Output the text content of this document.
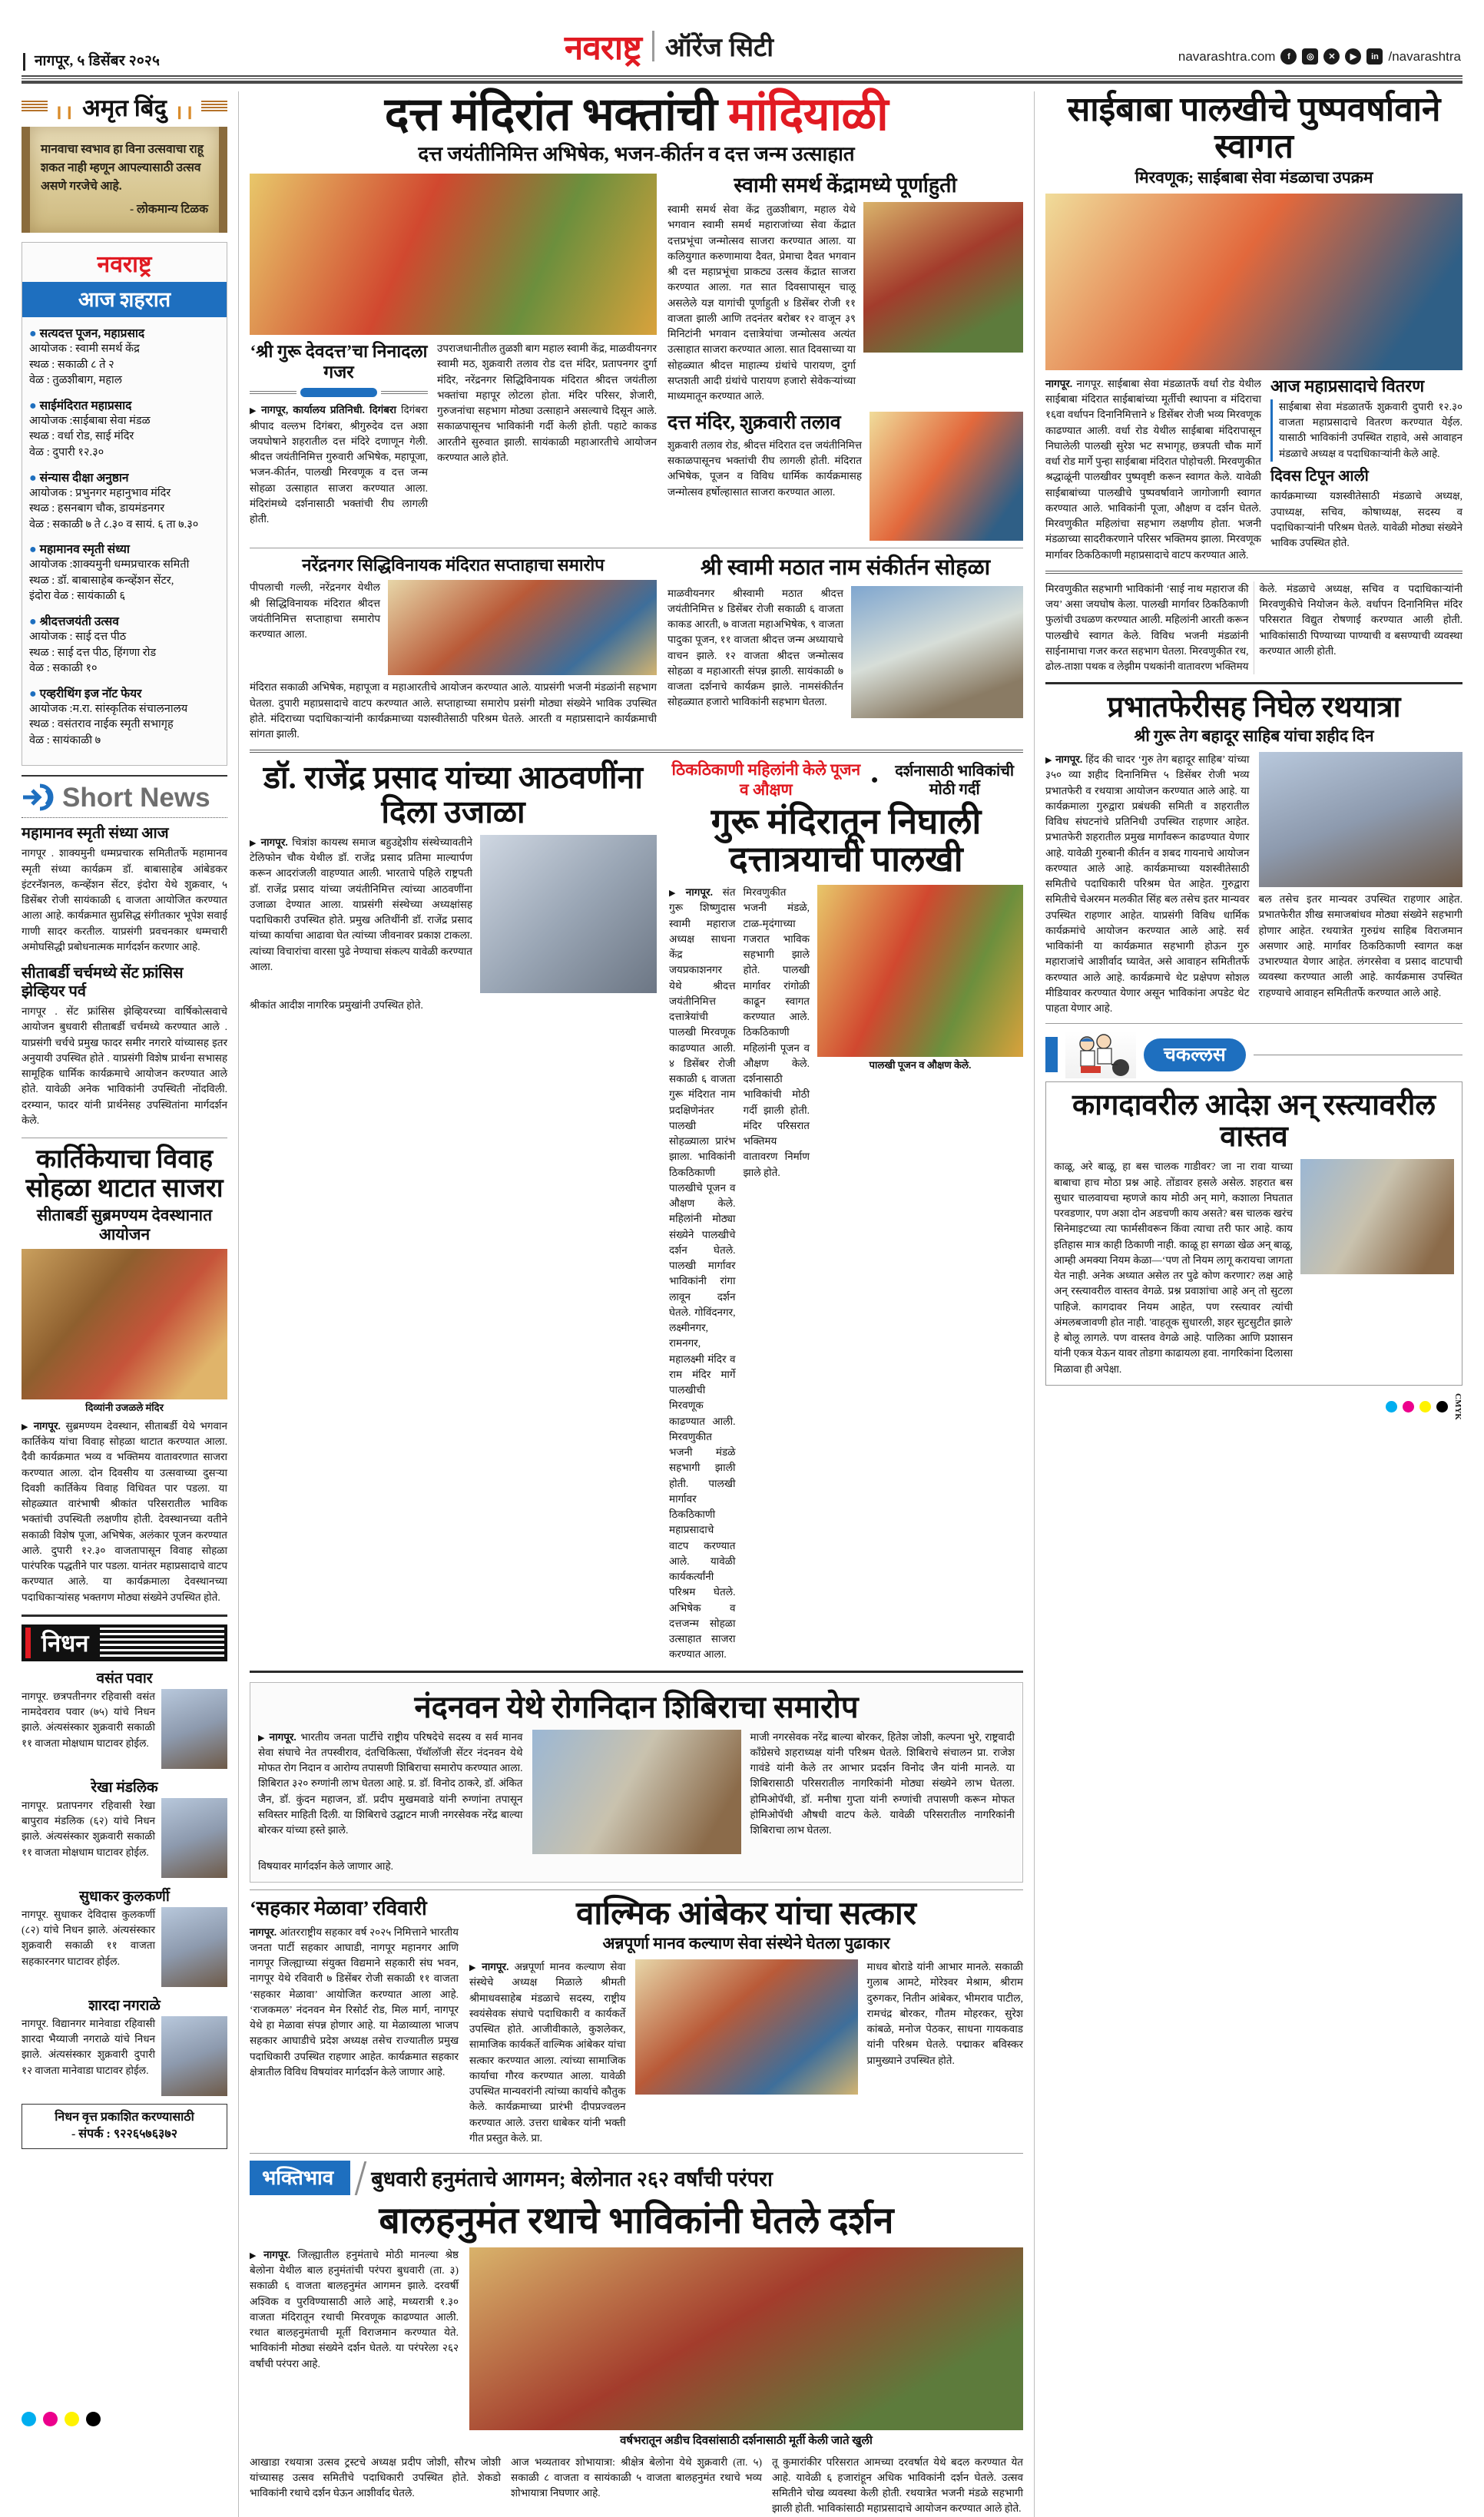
नागपूर, ५ डिसेंबर २०२५	नवराष्ट्र ऑरेंज सिटी	navarashtra.com	f	◎	✕	▶	in /navarashtra
❙❙ अमृत बिंदु ❙❙
मानवाचा स्वभाव हा विना उत्सवाचा राहू शकत नाही म्हणून आपल्यासाठी उत्सव असणे गरजेचे आहे.
- लोकमान्य टिळक
नवराष्ट्र
आज शहरात
● सत्यदत्त पूजन, महाप्रसाद
आयोजक : स्वामी समर्थ केंद्र
स्थळ : सकाळी ८ ते २
वेळ : तुळशीबाग, महाल
● साईमंदिरात महाप्रसाद
आयोजक :साईबाबा सेवा मंडळ
स्थळ : वर्धा रोड, साई मंदिर
वेळ : दुपारी १२.३०
● संन्यास दीक्षा अनुष्ठान
आयोजक : प्रभुनगर महानुभाव मंदिर
स्थळ : हसनबाग चौक, डायमंडनगर
वेळ : सकाळी ७ ते ८.३० व सायं. ६ ता ७.३०
● महामानव स्मृती संध्या
आयोजक :शाक्यमुनी धम्मप्रचारक समिती
स्थळ : डॉ. बाबासाहेब कन्व्हेंशन सेंटर,
इंदोरा वेळ : सायंकाळी ६
● श्रीदत्तजयंती उत्सव
आयोजक : साई दत्त पीठ
स्थळ : साई दत्त पीठ, हिंगणा रोड
वेळ : सकाळी १०
● एव्हरीथिंग इज नॉट फेयर
आयोजक :म.रा. सांस्कृतिक संचालनालय
स्थळ : वसंतराव नाईक स्मृती सभागृह
वेळ : सायंकाळी ७
Short News
महामानव स्मृती संध्या आज
नागपूर . शाक्यमुनी धम्मप्रचारक समितीतर्फे महामानव स्मृती संध्या कार्यक्रम डॉ. बाबासाहेब आंबेडकर इंटरनॅशनल, कन्व्हेंशन सेंटर, इंदोरा येथे शुक्रवार, ५ डिसेंबर रोजी सायंकाळी ६ वाजता आयोजित करण्यात आला आहे. कार्यक्रमात सुप्रसिद्ध संगीतकार भूपेश सवाई गाणी सादर करतील. याप्रसंगी प्रवचनकार धम्मचारी अमोघसिद्धी प्रबोधनात्मक मार्गदर्शन करणार आहे.
सीताबर्डी चर्चमध्ये सेंट फ्रांसिस झेव्हियर पर्व
नागपूर . सेंट फ्रांसिस झेव्हियरच्या वार्षिकोत्सवाचे आयोजन बुधवारी सीताबर्डी चर्चमध्ये करण्यात आले . याप्रसंगी चर्चचे प्रमुख फादर समीर नगरारे यांच्यासह इतर अनुयायी उपस्थित होते . याप्रसंगी विशेष प्रार्थना सभासह सामूहिक धार्मिक कार्यक्रमाचे आयोजन करण्यात आले होते. यावेळी अनेक भाविकांनी उपस्थिती नोंदविली. दरम्यान, फादर यांनी प्रार्थनेसह उपस्थितांना मार्गदर्शन केले.
कार्तिकेयाचा विवाह सोहळा थाटात साजरा
सीताबर्डी सुब्रमण्यम देवस्थानात आयोजन
दिव्यांनी उजळले मंदिर
▶ नागपूर. सुब्रमण्यम देवस्थान, सीताबर्डी येथे भगवान कार्तिकेय यांचा विवाह सोहळा थाटात करण्यात आला. दैवी कार्यक्रमात भव्य व भक्तिमय वातावरणात साजरा करण्यात आला. दोन दिवसीय या उत्सवाच्या दुसऱ्या दिवशी कार्तिकेय विवाह विधिवत पार पडला. या सोहळ्यात वारंभाषी श्रीकांत परिसरातील भाविक भक्तांची उपस्थिती लक्षणीय होती. देवस्थानच्या वतीने सकाळी विशेष पूजा, अभिषेक, अलंकार पूजन करण्यात आले. दुपारी १२.३० वाजतापासून विवाह सोहळा पारंपरिक पद्धतीने पार पडला. यानंतर महाप्रसादाचे वाटप करण्यात आले. या कार्यक्रमाला देवस्थानच्या पदाधिकाऱ्यांसह भक्तगण मोठ्या संख्येने उपस्थित होते.
निधन
वसंत पवार
नागपूर. छत्रपतीनगर रहिवासी वसंत नामदेवराव पवार (७५) यांचे निधन झाले. अंत्यसंस्कार शुक्रवारी सकाळी ११ वाजता मोक्षधाम घाटावर होईल.
रेखा मंडलिक
नागपूर. प्रतापनगर रहिवासी रेखा बापुराव मंडलिक (६२) यांचे निधन झाले. अंत्यसंस्कार शुक्रवारी सकाळी ११ वाजता मोक्षधाम घाटावर होईल.
सुधाकर कुलकर्णी
नागपूर. सुधाकर देविदास कुलकर्णी (८२) यांचे निधन झाले. अंत्यसंस्कार शुक्रवारी सकाळी ११ वाजता सहकारनगर घाटावर होईल.
शारदा नगराळे
नागपूर. विद्यानगर मानेवाडा रहिवासी शारदा भैय्याजी नगराळे यांचे निधन झाले. अंत्यसंस्कार शुक्रवारी दुपारी १२ वाजता मानेवाडा घाटावर होईल.
निधन वृत्त प्रकाशित करण्यासाठी
- संपर्क : ९२२६५७६३७२
दत्त मंदिरांत भक्तांची मांदियाळी
दत्त जयंतीनिमित्त अभिषेक, भजन-कीर्तन व दत्त जन्म उत्साहात
‘श्री गुरू देवदत्त’चा निनादला गजर
▶ नागपूर, कार्यालय प्रतिनिधी. दिगंबरा दिगंबरा श्रीपाद वल्लभ दिगंबरा, श्रीगुरुदेव दत्त अशा जयघोषाने शहरातील दत्त मंदिरे दणाणून गेली. श्रीदत्त जयंतीनिमित्त गुरुवारी अभिषेक, महापूजा, भजन-कीर्तन, पालखी मिरवणूक व दत्त जन्म सोहळा उत्साहात साजरा करण्यात आला. मंदिरांमध्ये दर्शनासाठी भक्तांची रीघ लागली होती.
उपराजधानीतील तुळशी बाग महाल स्वामी केंद्र, माळवीयनगर स्वामी मठ, शुक्रवारी तलाव रोड दत्त मंदिर, प्रतापनगर दुर्गा मंदिर, नरेंद्रनगर सिद्धिविनायक मंदिरात श्रीदत्त जयंतीला भक्तांचा महापूर लोटला होता. मंदिर परिसर, शेजारी, गुरुजनांचा सहभाग मोठ्या उत्साहाने असल्याचे दिसून आले. सकाळपासूनच भाविकांनी गर्दी केली होती. पहाटे काकड आरतीने सुरुवात झाली. सायंकाळी महाआरतीचे आयोजन करण्यात आले होते.
स्वामी समर्थ केंद्रामध्ये पूर्णाहुती
स्वामी समर्थ सेवा केंद्र तुळशीबाग, महाल येथे भगवान स्वामी समर्थ महाराजांच्या सेवा केंद्रात दत्तप्रभूंचा जन्मोत्सव साजरा करण्यात आला. या कलियुगात करुणामाया दैवत, प्रेमाचा दैवत भगवान श्री दत्त महाप्रभूंचा प्राकट्य उत्सव केंद्रात साजरा करण्यात आला. गत सात दिवसापासून चालू असलेले यज्ञ यागांची पूर्णाहुती ४ डिसेंबर रोजी ११ वाजता झाली आणि तदनंतर बरोबर १२ वाजून ३९ मिनिटांनी भगवान दत्तात्रेयांचा जन्मोत्सव अत्यंत उत्साहात साजरा करण्यात आला. सात दिवसाच्या या सोहळ्यात श्रीदत्त माहात्म्य ग्रंथांचे पारायण, दुर्गा सप्तशती आदी ग्रंथांचे पारायण हजारो सेवेकऱ्यांच्या माध्यमातून करण्यात आले.
दत्त मंदिर, शुक्रवारी तलाव
शुक्रवारी तलाव रोड, श्रीदत्त मंदिरात दत्त जयंतीनिमित्त सकाळपासूनच भक्तांची रीघ लागली होती. मंदिरात अभिषेक, पूजन व विविध धार्मिक कार्यक्रमासह जन्मोत्सव हर्षोल्हासात साजरा करण्यात आला.
नरेंद्रनगर सिद्धिविनायक मंदिरात सप्ताहाचा समारोप
पीपलाची गल्ली, नरेंद्रनगर येथील श्री सिद्धिविनायक मंदिरात श्रीदत्त जयंतीनिमित्त सप्ताहाचा समारोप करण्यात आला.
मंदिरात सकाळी अभिषेक, महापूजा व महाआरतीचे आयोजन करण्यात आले. याप्रसंगी भजनी मंडळांनी सहभाग घेतला. दुपारी महाप्रसादाचे वाटप करण्यात आले. सप्ताहाच्या समारोप प्रसंगी मोठ्या संख्येने भाविक उपस्थित होते. मंदिराच्या पदाधिकाऱ्यांनी कार्यक्रमाच्या यशस्वीतेसाठी परिश्रम घेतले. आरती व महाप्रसादाने कार्यक्रमाची सांगता झाली.
श्री स्वामी मठात नाम संकीर्तन सोहळा
माळवीयनगर श्रीस्वामी मठात श्रीदत्त जयंतीनिमित्त ४ डिसेंबर रोजी सकाळी ६ वाजता काकड आरती, ७ वाजता महाअभिषेक, ९ वाजता पादुका पूजन, ११ वाजता श्रीदत्त जन्म अध्यायाचे वाचन झाले. १२ वाजता श्रीदत्त जन्मोत्सव सोहळा व महाआरती संपन्न झाली. सायंकाळी ७ वाजता दर्शनाचे कार्यक्रम झाले. नामसंकीर्तन सोहळ्यात हजारो भाविकांनी सहभाग घेतला.
डॉ. राजेंद्र प्रसाद यांच्या आठवणींना दिला उजाळा
▶ नागपूर. चित्रांश कायस्थ समाज बहुउद्देशीय संस्थेच्यावतीने टेलिफोन चौक येथील डॉ. राजेंद्र प्रसाद प्रतिमा माल्यार्पण करून आदरांजली वाहण्यात आली. भारताचे पहिले राष्ट्रपती डॉ. राजेंद्र प्रसाद यांच्या जयंतीनिमित्त त्यांच्या आठवणींना उजाळा देण्यात आला. याप्रसंगी संस्थेच्या अध्यक्षांसह पदाधिकारी उपस्थित होते. प्रमुख अतिथींनी डॉ. राजेंद्र प्रसाद यांच्या कार्याचा आढावा घेत त्यांच्या जीवनावर प्रकाश टाकला. त्यांच्या विचारांचा वारसा पुढे नेण्याचा संकल्प यावेळी करण्यात आला.
श्रीकांत आदीश नागरिक प्रमुखांनी उपस्थित होते.
ठिकठिकाणी महिलांनी केले पूजन व औक्षण
●
दर्शनासाठी भाविकांची मोठी गर्दी
गुरू मंदिरातून निघाली दत्तात्रयाची पालखी
▶ नागपूर. संत गुरू शिष्णुदास स्वामी महाराज अध्यक्ष साधना केंद्र जयप्रकाशनगर येथे श्रीदत्त जयंतीनिमित्त दत्तात्रेयांची पालखी मिरवणूक काढण्यात आली. ४ डिसेंबर रोजी सकाळी ६ वाजता गुरू मंदिरात नाम प्रदक्षिणेनंतर पालखी सोहळ्याला प्रारंभ झाला. भाविकांनी ठिकठिकाणी पालखीचे पूजन व औक्षण केले. महिलांनी मोठ्या संख्येने पालखीचे दर्शन घेतले. पालखी मार्गावर भाविकांनी रांगा लावून दर्शन घेतले. गोविंदनगर, लक्ष्मीनगर, रामनगर, महालक्ष्मी मंदिर व राम मंदिर मार्गे पालखीची मिरवणूक काढण्यात आली. मिरवणुकीत भजनी मंडळे सहभागी झाली होती. पालखी मार्गावर ठिकठिकाणी महाप्रसादाचे वाटप करण्यात आले. यावेळी कार्यकर्त्यांनी परिश्रम घेतले. अभिषेक व दत्तजन्म सोहळा उत्साहात साजरा करण्यात आला.
मिरवणुकीत भजनी मंडळे, टाळ-मृदंगाच्या गजरात भाविक सहभागी झाले होते. पालखी मार्गावर रांगोळी काढून स्वागत करण्यात आले. ठिकठिकाणी महिलांनी पूजन व औक्षण केले. दर्शनासाठी भाविकांची मोठी गर्दी झाली होती. मंदिर परिसरात भक्तिमय वातावरण निर्माण झाले होते.
पालखी पूजन व औक्षण केले.
नंदनवन येथे रोगनिदान शिबिराचा समारोप
▶ नागपूर. भारतीय जनता पार्टीचे राष्ट्रीय परिषदेचे सदस्य व सर्व मानव सेवा संघाचे नेत तपस्वीराव, दंतचिकित्सा, पॅथॉलॉजी सेंटर नंदनवन येथे मोफत रोग निदान व आरोग्य तपासणी शिबिराचा समारोप करण्यात आला. शिबिरात ३२० रुग्णांनी लाभ घेतला आहे. प्र. डॉ. विनोद ठाकरे, डॉ. अंकित जैन, डॉ. कुंदन महाजन, डॉ. प्रदीप मुखमवाडे यांनी रुग्णांना तपासून सविस्तर माहिती दिली. या शिबिराचे उद्घाटन माजी नगरसेवक नरेंद्र बाल्या बोरकर यांच्या हस्ते झाले.
माजी नगरसेवक नरेंद्र बाल्या बोरकर, हितेश जोशी, कल्पना भुरे, राष्ट्रवादी काँग्रेसचे शहराध्यक्ष यांनी परिश्रम घेतले. शिबिराचे संचालन प्रा. राजेश गावंडे यांनी केले तर आभार प्रदर्शन विनोद जैन यांनी मानले. या शिबिरासाठी परिसरातील नागरिकांनी मोठ्या संख्येने लाभ घेतला. होमिओपॅथी, डॉ. मनीषा गुप्ता यांनी रुग्णांची तपासणी करून मोफत होमिओपॅथी औषधी वाटप केले. यावेळी परिसरातील नागरिकांनी शिबिराचा लाभ घेतला.
विषयावर मार्गदर्शन केले जाणार आहे.
‘सहकार मेळावा’ रविवारी
नागपूर. आंतरराष्ट्रीय सहकार वर्ष २०२५ निमित्ताने भारतीय जनता पार्टी सहकार आघाडी, नागपूर महानगर आणि नागपूर जिल्ह्याच्या संयुक्त विद्यमाने सहकारी संघ भवन, नागपूर येथे रविवारी ७ डिसेंबर रोजी सकाळी ११ वाजता ‘सहकार मेळावा’ आयोजित करण्यात आला आहे. ‘राजकमल’ नंदनवन मेन रिसोर्ट रोड, मिल मार्ग, नागपूर येथे हा मेळावा संपन्न होणार आहे. या मेळाव्याला भाजप सहकार आघाडीचे प्रदेश अध्यक्ष तसेच राज्यातील प्रमुख पदाधिकारी उपस्थित राहणार आहेत. कार्यक्रमात सहकार क्षेत्रातील विविध विषयांवर मार्गदर्शन केले जाणार आहे.
वाल्मिक आंबेकर यांचा सत्कार
अन्नपूर्णा मानव कल्याण सेवा संस्थेने घेतला पुढाकार
▶ नागपूर. अन्नपूर्णा मानव कल्याण सेवा संस्थेचे अध्यक्ष मिळाले श्रीमती श्रीमाधवसाहेब मंडळाचे सदस्य, राष्ट्रीय स्वयंसेवक संघाचे पदाधिकारी व कार्यकर्ते उपस्थित होते. आजीवीकाले, कुशलेकर, सामाजिक कार्यकर्ते वाल्मिक आंबेकर यांचा सत्कार करण्यात आला. त्यांच्या सामाजिक कार्याचा गौरव करण्यात आला. यावेळी उपस्थित मान्यवरांनी त्यांच्या कार्याचे कौतुक केले. कार्यक्रमाच्या प्रारंभी दीपप्रज्वलन करण्यात आले. उत्तरा धाबेकर यांनी भक्ती गीत प्रस्तुत केले. प्रा.
माधव बोराडे यांनी आभार मानले. सकाळी गुलाब आमटे, मोरेश्वर मेश्राम, श्रीराम दुरुगकर, नितीन आंबेकर, भीमराव पाटील, रामचंद्र बोरकर, गौतम मोहरकर, सुरेश कांबळे, मनोज पेठकर, साधना गायकवाड यांनी परिश्रम घेतले. पद्माकर बविस्कर प्रामुख्याने उपस्थित होते.
भक्तिभाव	बुधवारी हनुमंताचे आगमन; बेलोनात २६२ वर्षांची परंपरा
बालहनुमंत रथाचे भाविकांनी घेतले दर्शन
▶ नागपूर. जिल्ह्यातील हनुमंताचे मोठी मानल्या श्रेष्ठ बेलोना येथील बाल हनुमंतांची परंपरा बुधवारी (ता. ३) सकाळी ६ वाजता बालहनुमंत आगमन झाले. दरवर्षी अश्विक व पुरविण्यासाठी आले आहे, मध्यरात्री १.३० वाजता मंदिरातून रथाची मिरवणूक काढण्यात आली. रथात बालहनुमंताची मूर्ती विराजमान करण्यात येते. भाविकांनी मोठ्या संख्येने दर्शन घेतले. या परंपरेला २६२ वर्षांची परंपरा आहे.
वर्षभरातून अडीच दिवसांसाठी दर्शनासाठी मूर्ती केली जाते खुली
आखाडा रथयात्रा उत्सव ट्रस्टचे अध्यक्ष प्रदीप जोशी, सौरभ जोशी यांच्यासह उत्सव समितीचे पदाधिकारी उपस्थित होते. शेकडो भाविकांनी रथाचे दर्शन घेऊन आशीर्वाद घेतले.
आज भव्यतावर शोभायात्रा: श्रीक्षेत्र बेलोना येथे शुक्रवारी (ता. ५) सकाळी ८ वाजता व सायंकाळी ५ वाजता बालहनुमंत रथाचे भव्य शोभायात्रा निघणार आहे.
तू कुमारांकीर परिसरात आमच्या दरवर्षात येथे बदल करण्यात येत आहे. यावेळी ६ हजारांहून अधिक भाविकांनी दर्शन घेतले. उत्सव समितीने चोख व्यवस्था केली होती. रथयात्रेत भजनी मंडळे सहभागी झाली होती. भाविकांसाठी महाप्रसादाचे आयोजन करण्यात आले होते.
साईबाबा पालखीचे पुष्पवर्षावाने स्वागत
मिरवणूक; साईबाबा सेवा मंडळाचा उपक्रम
नागपूर. नागपूर. साईबाबा सेवा मंडळातर्फे वर्धा रोड येथील साईबाबा मंदिरात साईबाबांच्या मूर्तीची स्थापना व मंदिराचा १६वा वर्धापन दिनानिमित्ताने ४ डिसेंबर रोजी भव्य मिरवणूक काढण्यात आली. वर्धा रोड येथील साईबाबा मंदिरापासून निघालेली पालखी सुरेश भट सभागृह, छत्रपती चौक मार्गे वर्धा रोड मार्गे पुन्हा साईबाबा मंदिरात पोहोचली. मिरवणुकीत श्रद्धाळूंनी पालखीवर पुष्पवृष्टी करून स्वागत केले. यावेळी साईबाबांच्या पालखीचे पुष्पवर्षावाने जागोजागी स्वागत करण्यात आले. भाविकांनी पूजा, औक्षण व दर्शन घेतले. मिरवणुकीत महिलांचा सहभाग लक्षणीय होता. भजनी मंडळाच्या सादरीकरणाने परिसर भक्तिमय झाला. मिरवणूक मार्गावर ठिकठिकाणी महाप्रसादाचे वाटप करण्यात आले.
आज महाप्रसादाचे वितरण
साईबाबा सेवा मंडळातर्फे शुक्रवारी दुपारी १२.३० वाजता महाप्रसादाचे वितरण करण्यात येईल. यासाठी भाविकांनी उपस्थित राहावे, असे आवाहन मंडळाचे अध्यक्ष व पदाधिकाऱ्यांनी केले आहे.
दिवस टिपून आली
कार्यक्रमाच्या यशस्वीतेसाठी मंडळाचे अध्यक्ष, उपाध्यक्ष, सचिव, कोषाध्यक्ष, सदस्य व पदाधिकाऱ्यांनी परिश्रम घेतले. यावेळी मोठ्या संख्येने भाविक उपस्थित होते.
मिरवणुकीत सहभागी भाविकांनी ‘साई नाथ महाराज की जय’ असा जयघोष केला. पालखी मार्गावर ठिकठिकाणी फुलांची उधळण करण्यात आली. महिलांनी आरती करून पालखीचे स्वागत केले. विविध भजनी मंडळांनी साईनामाचा गजर करत सहभाग घेतला. मिरवणुकीत रथ, ढोल-ताशा पथक व लेझीम पथकांनी वातावरण भक्तिमय केले. मंडळाचे अध्यक्ष, सचिव व पदाधिकाऱ्यांनी मिरवणुकीचे नियोजन केले. वर्धापन दिनानिमित्त मंदिर परिसरात विद्युत रोषणाई करण्यात आली होती. भाविकांसाठी पिण्याच्या पाण्याची व बसण्याची व्यवस्था करण्यात आली होती.
प्रभातफेरीसह निघेल रथयात्रा
श्री गुरू तेग बहादूर साहिब यांचा शहीद दिन
▶ नागपूर. हिंद की चादर ‘गुरु तेग बहादूर साहिब’ यांच्या ३५० व्या शहीद दिनानिमित्त ५ डिसेंबर रोजी भव्य प्रभातफेरी व रथयात्रा आयोजन करण्यात आले आहे. या कार्यक्रमाला गुरुद्वारा प्रबंधकी समिती व शहरातील विविध संघटनांचे प्रतिनिधी उपस्थित राहणार आहेत. प्रभातफेरी शहरातील प्रमुख मार्गांवरून काढण्यात येणार आहे. यावेळी गुरुबानी कीर्तन व शबद गायनाचे आयोजन करण्यात आले आहे. कार्यक्रमाच्या यशस्वीतेसाठी समितीचे पदाधिकारी परिश्रम घेत आहेत. गुरुद्वारा समितीचे चेअरमन मलकीत सिंह बल तसेच इतर मान्यवर उपस्थित राहणार आहेत. याप्रसंगी विविध धार्मिक कार्यक्रमांचे आयोजन करण्यात आले आहे. सर्व भाविकांनी या कार्यक्रमात सहभागी होऊन गुरु महाराजांचे आशीर्वाद घ्यावेत, असे आवाहन समितीतर्फे करण्यात आले आहे. कार्यक्रमाचे थेट प्रक्षेपण सोशल मीडियावर करण्यात येणार असून भाविकांना अपडेट थेट पाहता येणार आहे.
बल तसेच इतर मान्यवर उपस्थित राहणार आहेत. प्रभातफेरीत शीख समाजबांधव मोठ्या संख्येने सहभागी होणार आहेत. रथयात्रेत गुरुग्रंथ साहिब विराजमान असणार आहे. मार्गावर ठिकठिकाणी स्वागत कक्ष उभारण्यात येणार आहेत. लंगरसेवा व प्रसाद वाटपाची व्यवस्था करण्यात आली आहे. कार्यक्रमास उपस्थित राहण्याचे आवाहन समितीतर्फे करण्यात आले आहे.
चकल्लस
कागदावरील आदेश अन् रस्त्यावरील वास्तव
काळू, अरे बाळू, हा बस चालक गाडीवर? जा ना रावा याच्या बाबाचा हाच मोठा प्रश्न आहे. तोंडावर हसले असेल. शहरात बस सुधार चालवायचा म्हणजे काय मोठी अन् मागे, कशाला निघतात परवडणार, पण अशा दोन अडचणी काय असते? बस चालक खरंच सिनेमाइटच्या त्या फार्मसीवरून किंवा त्याचा तरी फार आहे. काय इतिहास मात्र काही ठिकाणी नाही. काळू हा सगळा खेळ अन् बाळू, आम्ही अमक्या नियम केळा—‘पण तो नियम लागू करायचा जागता येत नाही. अनेक अध्यात असेल तर पुढे कोण करणार? लक्ष आहे अन् रस्त्यावरील वास्तव वेगळे. प्रश्न प्रवाशांचा आहे अन् तो सुटला पाहिजे. कागदावर नियम आहेत, पण रस्त्यावर त्यांची अंमलबजावणी होत नाही. 'वाहतूक सुधारली, शहर सुटसुटीत झाले' हे बोलू लागले. पण वास्तव वेगळे आहे. पालिका आणि प्रशासन यांनी एकत्र येऊन यावर तोडगा काढायला हवा. नागरिकांना दिलासा मिळावा ही अपेक्षा.
CMYK
